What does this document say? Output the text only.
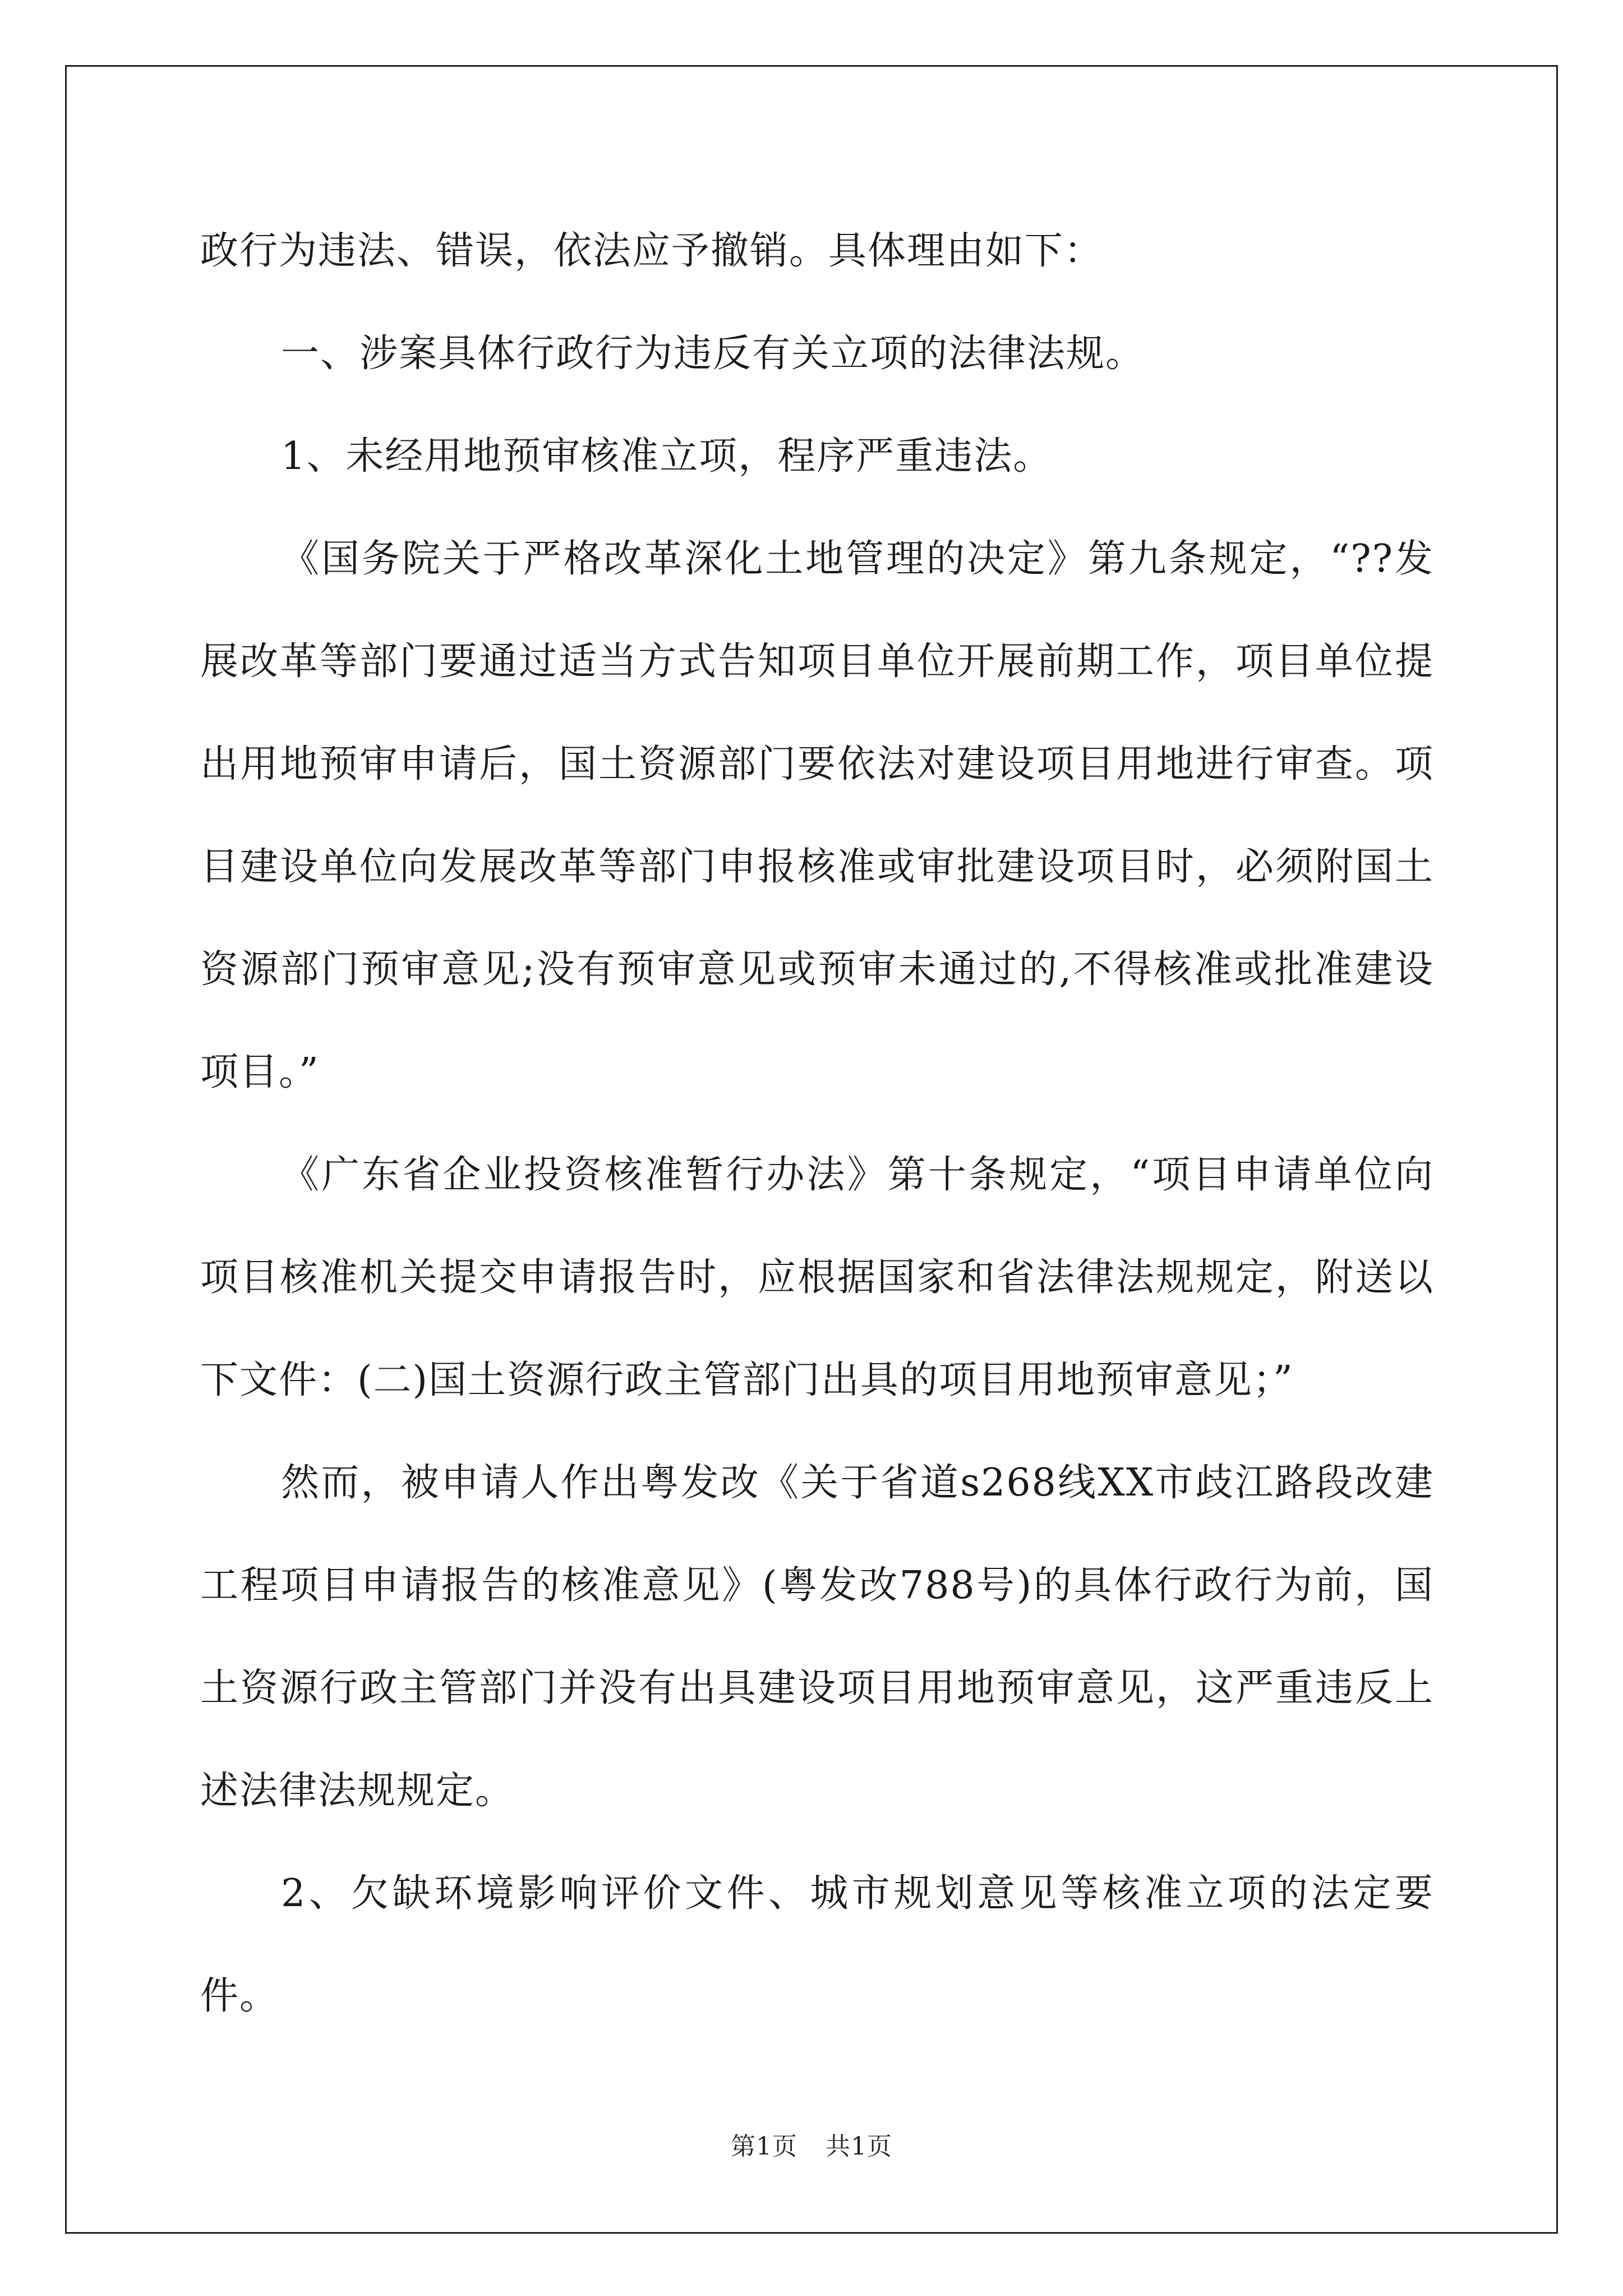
政行为违法、错误，依法应予撤销。具体理由如下：

一、涉案具体行政行为违反有关立项的法律法规。

1、未经用地预审核准立项，程序严重违法。

《国务院关于严格改革深化土地管理的决定》第九条规定，“??发展改革等部门要通过适当方式告知项目单位开展前期工作，项目单位提出用地预审申请后，国土资源部门要依法对建设项目用地进行审查。项目建设单位向发展改革等部门申报核准或审批建设项目时，必须附国土资源部门预审意见;没有预审意见或预审未通过的,不得核准或批准建设项目。”

《广东省企业投资核准暂行办法》第十条规定，“项目申请单位向项目核准机关提交申请报告时，应根据国家和省法律法规规定，附送以下文件：(二)国土资源行政主管部门出具的项目用地预审意见；”

然而，被申请人作出粤发改《关于省道s268线XX市歧江路段改建工程项目申请报告的核准意见》(粤发改788号)的具体行政行为前，国土资源行政主管部门并没有出具建设项目用地预审意见，这严重违反上述法律法规规定。

2、欠缺环境影响评价文件、城市规划意见等核准立项的法定要件。

第1页 共1页
